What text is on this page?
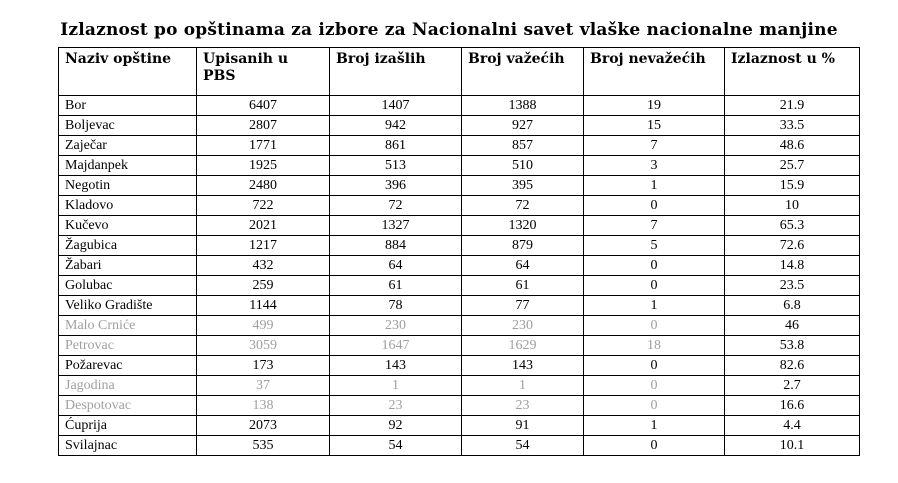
Izlaznost po opštinama za izbore za Nacionalni savet vlaške nacionalne manjine
Naziv opštine	Upisanih u PBS	Broj izašlih	Broj važećih	Broj nevažećih	Izlaznost u %
Bor	6407	1407	1388	19	21.9
Boljevac	2807	942	927	15	33.5
Zaječar	1771	861	857	7	48.6
Majdanpek	1925	513	510	3	25.7
Negotin	2480	396	395	1	15.9
Kladovo	722	72	72	0	10
Kučevo	2021	1327	1320	7	65.3
Žagubica	1217	884	879	5	72.6
Žabari	432	64	64	0	14.8
Golubac	259	61	61	0	23.5
Veliko Gradište	1144	78	77	1	6.8
Malo Crniće	499	230	230	0	46
Petrovac	3059	1647	1629	18	53.8
Požarevac	173	143	143	0	82.6
Jagodina	37	1	1	0	2.7
Despotovac	138	23	23	0	16.6
Ćuprija	2073	92	91	1	4.4
Svilajnac	535	54	54	0	10.1
